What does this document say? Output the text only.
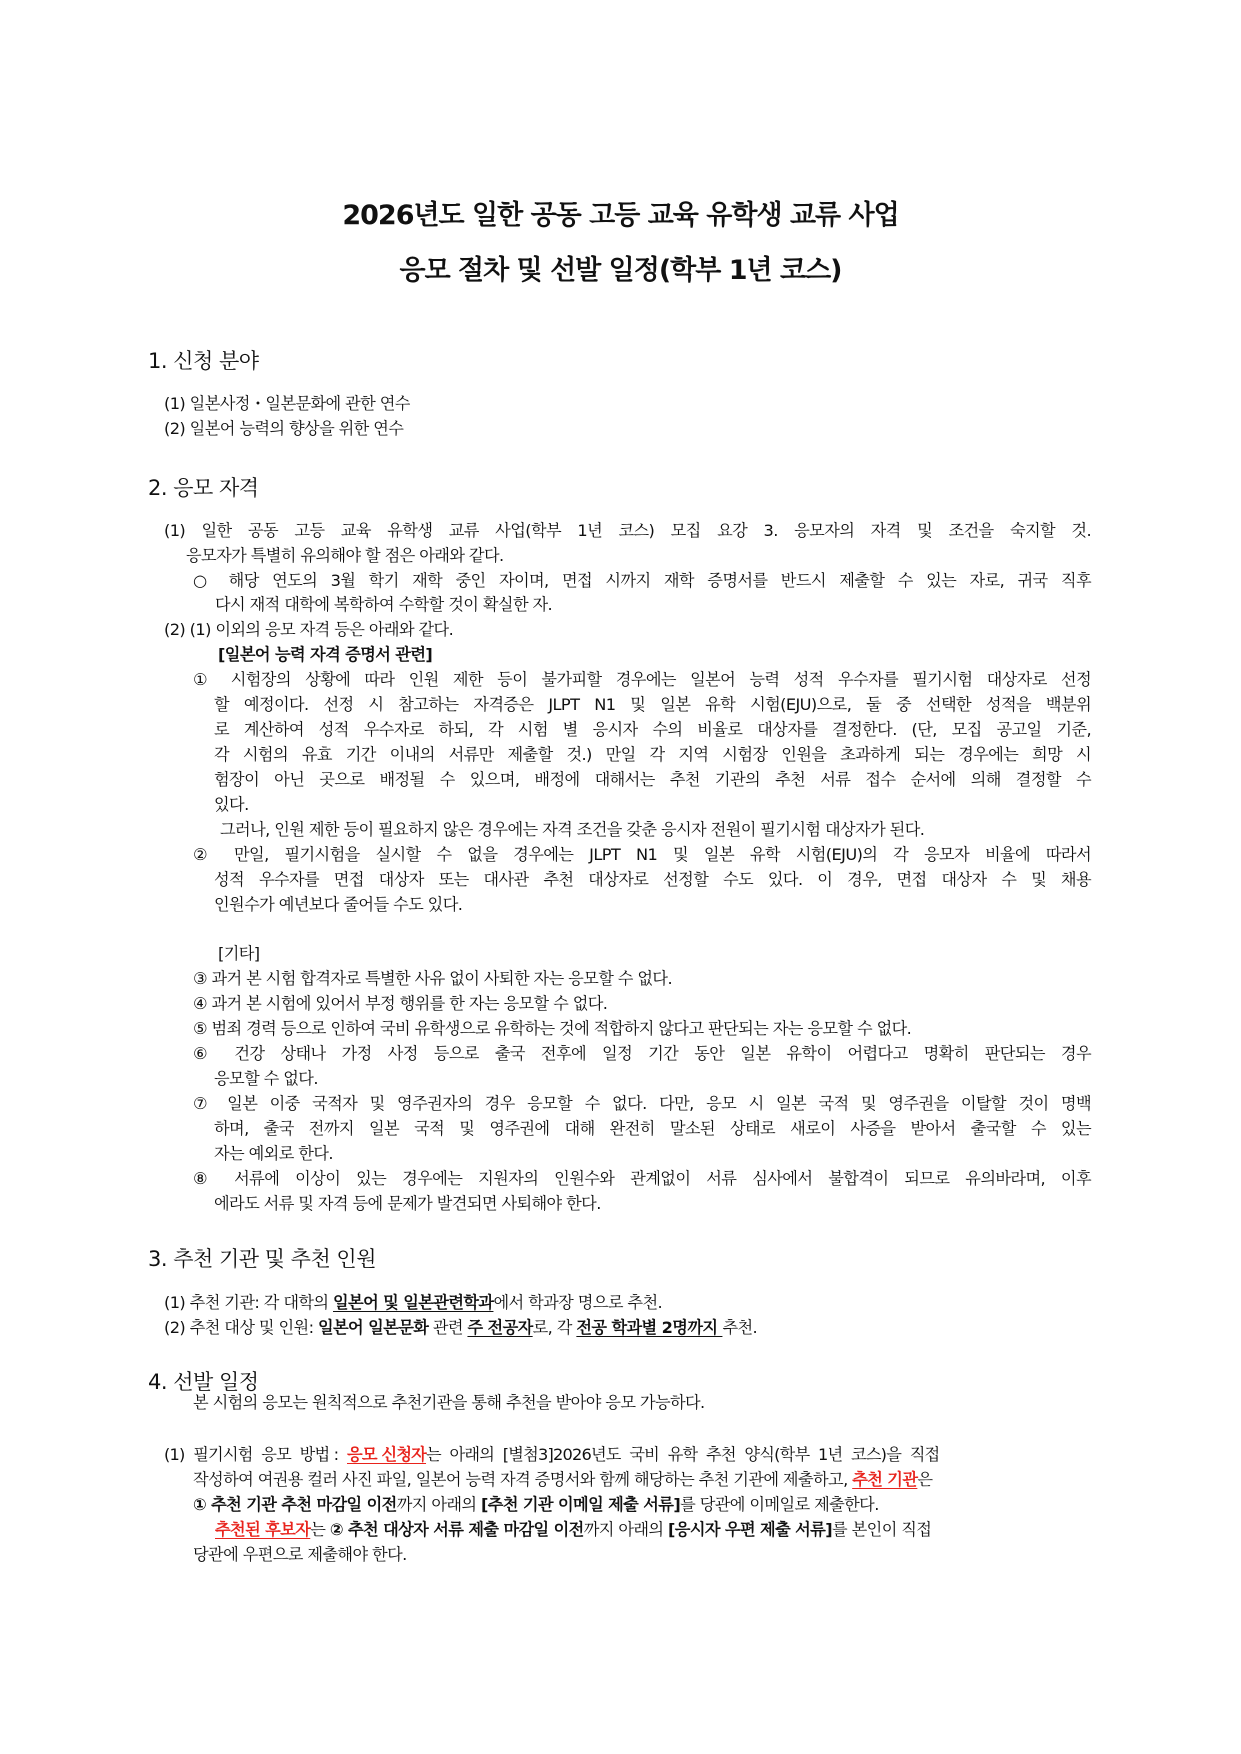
2026년도 일한 공동 고등 교육 유학생 교류 사업
응모 절차 및 선발 일정(학부 1년 코스)
1. 신청 분야
(1) 일본사정・일본문화에 관한 연수
(2) 일본어 능력의 향상을 위한 연수
2. 응모 자격
(1) 일한 공동 고등 교육 유학생 교류 사업(학부 1년 코스) 모집 요강 3. 응모자의 자격 및 조건을 숙지할 것.
응모자가 특별히 유의해야 할 점은 아래와 같다.
○ 해당 연도의 3월 학기 재학 중인 자이며, 면접 시까지 재학 증명서를 반드시 제출할 수 있는 자로, 귀국 직후
다시 재적 대학에 복학하여 수학할 것이 확실한 자.
(2) (1) 이외의 응모 자격 등은 아래와 같다.
[일본어 능력 자격 증명서 관련]
① 시험장의 상황에 따라 인원 제한 등이 불가피할 경우에는 일본어 능력 성적 우수자를 필기시험 대상자로 선정
할 예정이다. 선정 시 참고하는 자격증은 JLPT N1 및 일본 유학 시험(EJU)으로, 둘 중 선택한 성적을 백분위
로 계산하여 성적 우수자로 하되, 각 시험 별 응시자 수의 비율로 대상자를 결정한다. (단, 모집 공고일 기준,
각 시험의 유효 기간 이내의 서류만 제출할 것.) 만일 각 지역 시험장 인원을 초과하게 되는 경우에는 희망 시
험장이 아닌 곳으로 배정될 수 있으며, 배정에 대해서는 추천 기관의 추천 서류 접수 순서에 의해 결정할 수
있다.
그러나, 인원 제한 등이 필요하지 않은 경우에는 자격 조건을 갖춘 응시자 전원이 필기시험 대상자가 된다.
② 만일, 필기시험을 실시할 수 없을 경우에는 JLPT N1 및 일본 유학 시험(EJU)의 각 응모자 비율에 따라서
성적 우수자를 면접 대상자 또는 대사관 추천 대상자로 선정할 수도 있다. 이 경우, 면접 대상자 수 및 채용
인원수가 예년보다 줄어들 수도 있다.
[기타]
③ 과거 본 시험 합격자로 특별한 사유 없이 사퇴한 자는 응모할 수 없다.
④ 과거 본 시험에 있어서 부정 행위를 한 자는 응모할 수 없다.
⑤ 범죄 경력 등으로 인하여 국비 유학생으로 유학하는 것에 적합하지 않다고 판단되는 자는 응모할 수 없다.
⑥ 건강 상태나 가정 사정 등으로 출국 전후에 일정 기간 동안 일본 유학이 어렵다고 명확히 판단되는 경우
응모할 수 없다.
⑦ 일본 이중 국적자 및 영주권자의 경우 응모할 수 없다. 다만, 응모 시 일본 국적 및 영주권을 이탈할 것이 명백
하며, 출국 전까지 일본 국적 및 영주권에 대해 완전히 말소된 상태로 새로이 사증을 받아서 출국할 수 있는
자는 예외로 한다.
⑧ 서류에 이상이 있는 경우에는 지원자의 인원수와 관계없이 서류 심사에서 불합격이 되므로 유의바라며, 이후
에라도 서류 및 자격 등에 문제가 발견되면 사퇴해야 한다.
3. 추천 기관 및 추천 인원
(1) 추천 기관: 각 대학의 일본어 및 일본관련학과에서 학과장 명으로 추천.
(2) 추천 대상 및 인원: 일본어 일본문화 관련 주 전공자로, 각 전공 학과별 2명까지 추천.
4. 선발 일정
본 시험의 응모는 원칙적으로 추천기관을 통해 추천을 받아야 응모 가능하다.
(1)  필기시험  응모  방법 :  응모 신청자는  아래의  [별첨3]2026년도  국비  유학  추천  양식(학부  1년  코스)을  직접
작성하여 여권용 컬러 사진 파일, 일본어 능력 자격 증명서와 함께 해당하는 추천 기관에 제출하고, 추천 기관은
① 추천 기관 추천 마감일 이전까지 아래의 [추천 기관 이메일 제출 서류]를 당관에 이메일로 제출한다.
추천된 후보자는 ② 추천 대상자 서류 제출 마감일 이전까지 아래의 [응시자 우편 제출 서류]를 본인이 직접
당관에 우편으로 제출해야 한다.
